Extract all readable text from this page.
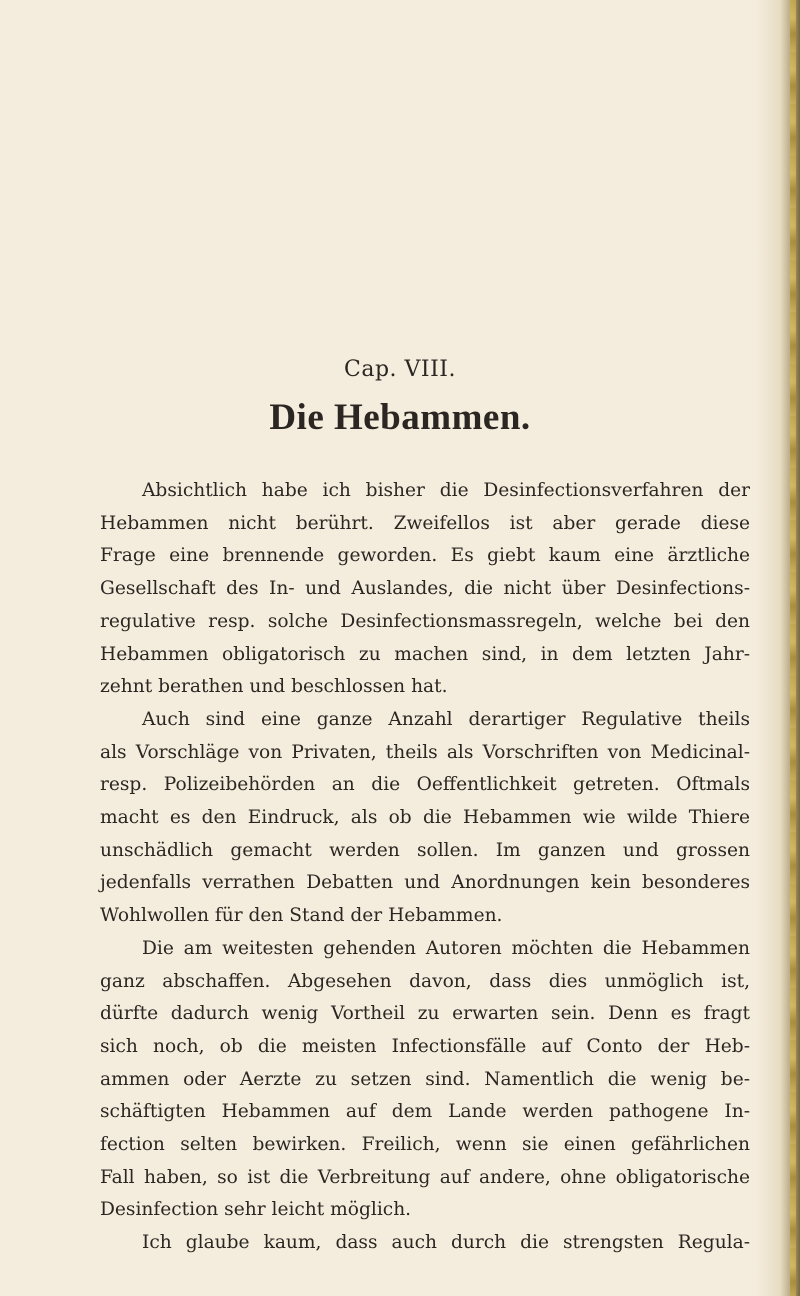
Cap. VIII.
Die Hebammen.
Absichtlich habe ich bisher die Desinfectionsverfahren der
Hebammen nicht berührt. Zweifellos ist aber gerade diese
Frage eine brennende geworden. Es giebt kaum eine ärztliche
Gesellschaft des In- und Auslandes, die nicht über Desinfections-
regulative resp. solche Desinfectionsmassregeln, welche bei den
Hebammen obligatorisch zu machen sind, in dem letzten Jahr-
zehnt berathen und beschlossen hat.
Auch sind eine ganze Anzahl derartiger Regulative theils
als Vorschläge von Privaten, theils als Vorschriften von Medicinal-
resp. Polizeibehörden an die Oeffentlichkeit getreten. Oftmals
macht es den Eindruck, als ob die Hebammen wie wilde Thiere
unschädlich gemacht werden sollen. Im ganzen und grossen
jedenfalls verrathen Debatten und Anordnungen kein besonderes
Wohlwollen für den Stand der Hebammen.
Die am weitesten gehenden Autoren möchten die Hebammen
ganz abschaffen. Abgesehen davon, dass dies unmöglich ist,
dürfte dadurch wenig Vortheil zu erwarten sein. Denn es fragt
sich noch, ob die meisten Infectionsfälle auf Conto der Heb-
ammen oder Aerzte zu setzen sind. Namentlich die wenig be-
schäftigten Hebammen auf dem Lande werden pathogene In-
fection selten bewirken. Freilich, wenn sie einen gefährlichen
Fall haben, so ist die Verbreitung auf andere, ohne obligatorische
Desinfection sehr leicht möglich.
Ich glaube kaum, dass auch durch die strengsten Regula-
